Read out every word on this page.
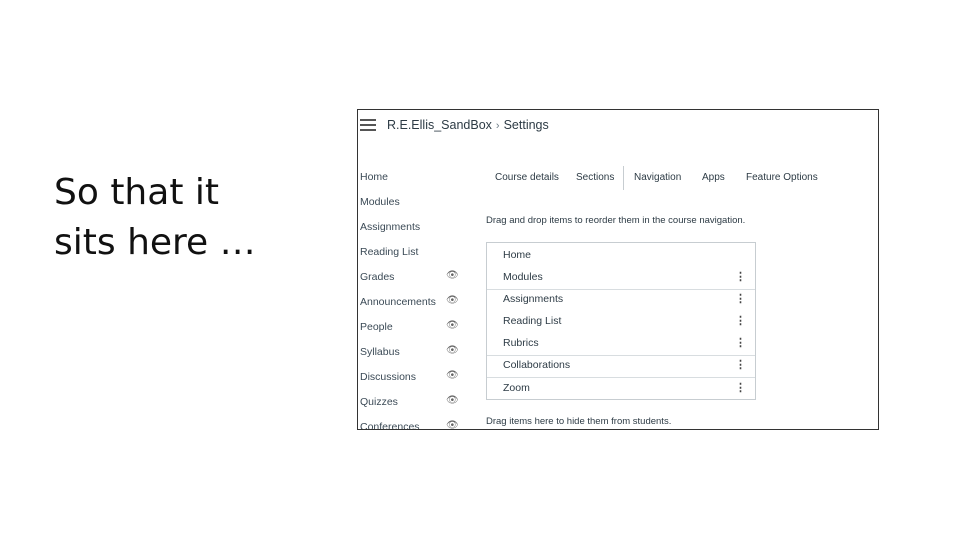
So that it
sits here …
R.E.Ellis_SandBox › Settings
Home
Modules
Assignments
Reading List
Grades	👁
Announcements 👁
People	👁
Syllabus	👁
Discussions	👁
Quizzes	👁
Conferences	👁
Course details Sections	Navigation Apps Feature Options
Drag and drop items to reorder them in the course navigation.
Home
Modules	⋮
Assignments	⋮
Reading List	⋮
Rubrics	⋮
Collaborations	⋮
Zoom	⋮
Drag items here to hide them from students.
